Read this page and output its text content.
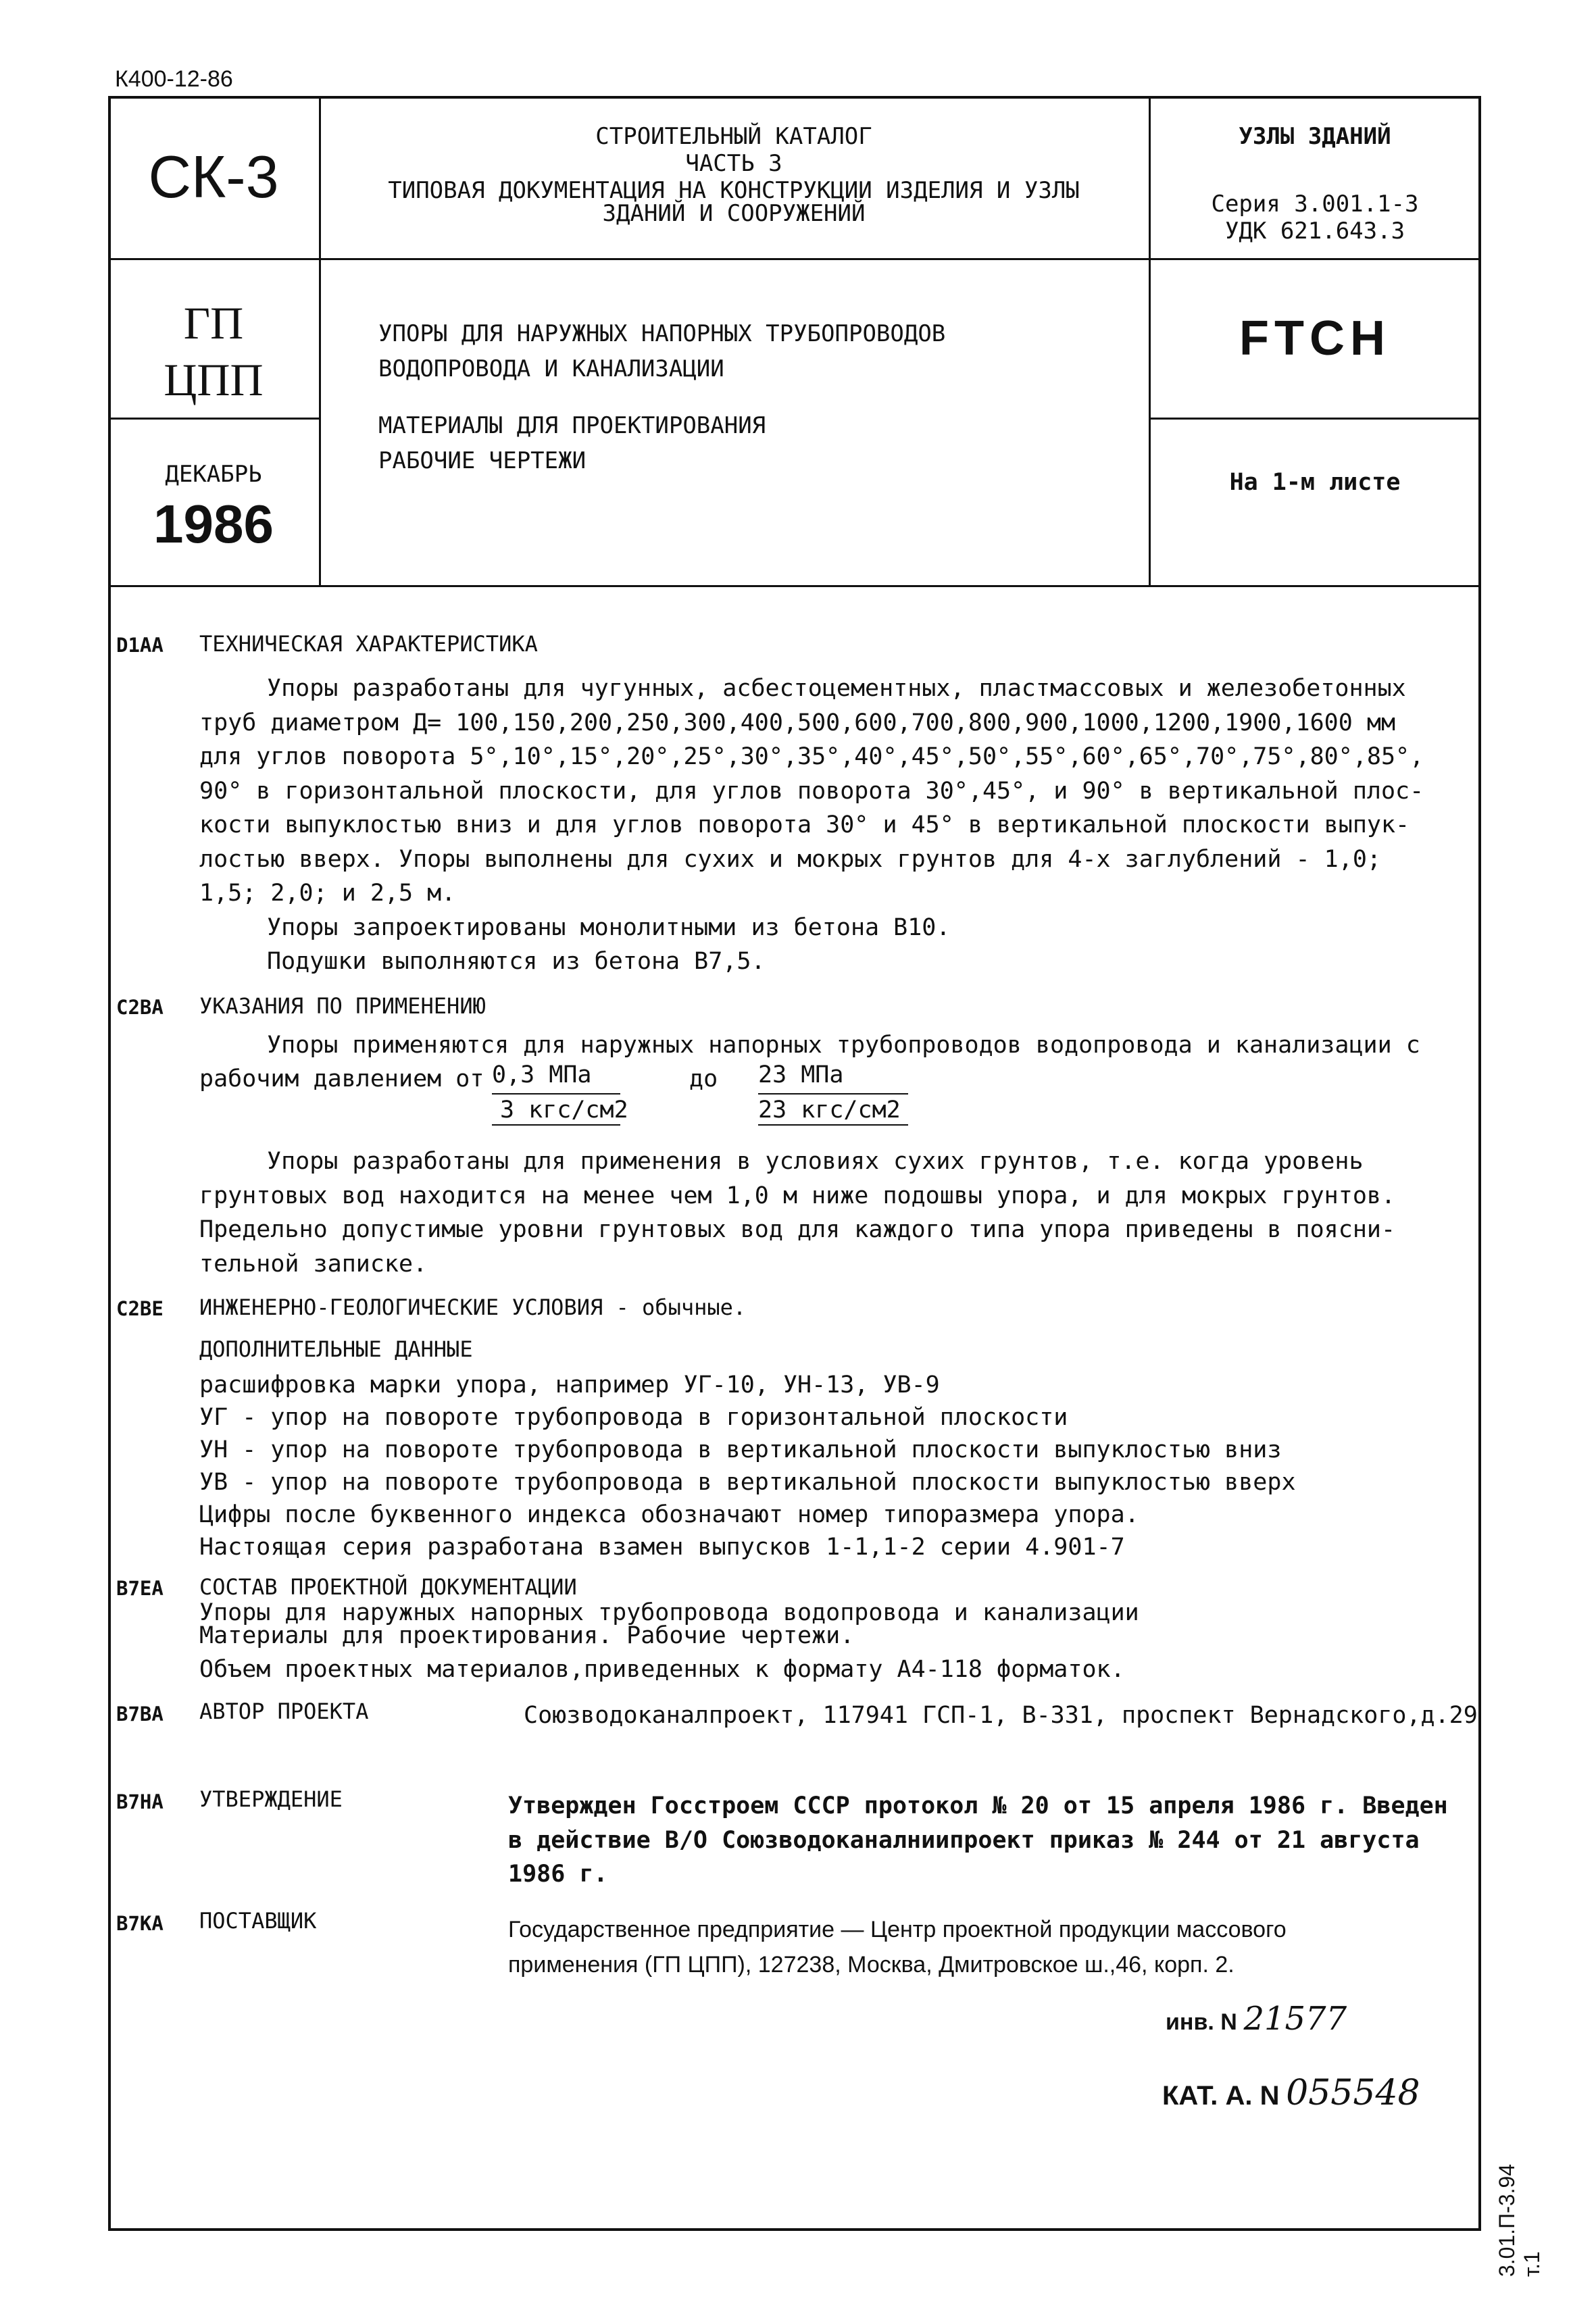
К400-12-86
СК-3
СТРОИТЕЛЬНЫЙ КАТАЛОГ
ЧАСТЬ 3
ТИПОВАЯ ДОКУМЕНТАЦИЯ НА КОНСТРУКЦИИ ИЗДЕЛИЯ И УЗЛЫ
ЗДАНИЙ И СООРУЖЕНИЙ
УЗЛЫ ЗДАНИЙ
Серия 3.001.1-3
УДК 621.643.3
ГП
ЦПП
УПОРЫ ДЛЯ НАРУЖНЫХ НАПОРНЫХ ТРУБОПРОВОДОВ
ВОДОПРОВОДА И КАНАЛИЗАЦИИ
МАТЕРИАЛЫ ДЛЯ ПРОЕКТИРОВАНИЯ
РАБОЧИЕ ЧЕРТЕЖИ
FTCH
На 1-м листе
ДЕКАБРЬ
1986
D1АА ТЕХНИЧЕСКАЯ ХАРАКТЕРИСТИКА
Упоры разработаны для чугунных, асбестоцементных, пластмассовых и железобетонных
труб диаметром Д= 100,150,200,250,300,400,500,600,700,800,900,1000,1200,1900,1600 мм
для углов поворота 5°,10°,15°,20°,25°,30°,35°,40°,45°,50°,55°,60°,65°,70°,75°,80°,85°,
90° в горизонтальной плоскости, для углов поворота 30°,45°, и 90° в вертикальной плос-
кости выпуклостью вниз и для углов поворота 30° и 45° в вертикальной плоскости выпук-
лостью вверх. Упоры выполнены для сухих и мокрых грунтов для 4-х заглублений - 1,0;
1,5; 2,0; и 2,5 м.
Упоры запроектированы монолитными из бетона В10.
Подушки выполняются из бетона В7,5.
С2ВА УКАЗАНИЯ ПО ПРИМЕНЕНИЮ
Упоры применяются для наружных напорных трубопроводов водопровода и канализации с
рабочим давлением от 0,3 МПа	до 23 МПа
3 кгс/см2	23 кгс/см2
Упоры разработаны для применения в условиях сухих грунтов, т.е. когда уровень
грунтовых вод находится на менее чем 1,0 м ниже подошвы упора, и для мокрых грунтов.
Предельно допустимые уровни грунтовых вод для каждого типа упора приведены в поясни-
тельной записке.
С2ВЕ ИНЖЕНЕРНО-ГЕОЛОГИЧЕСКИЕ УСЛОВИЯ - обычные.
ДОПОЛНИТЕЛЬНЫЕ ДАННЫЕ
расшифровка марки упора, например УГ-10, УН-13, УВ-9
УГ - упор на повороте трубопровода в горизонтальной плоскости
УН - упор на повороте трубопровода в вертикальной плоскости выпуклостью вниз
УВ - упор на повороте трубопровода в вертикальной плоскости выпуклостью вверх
Цифры после буквенного индекса обозначают номер типоразмера упора.
Настоящая серия разработана взамен выпусков 1-1,1-2 серии 4.901-7
В7ЕА СОСТАВ ПРОЕКТНОЙ ДОКУМЕНТАЦИИ
Упоры для наружных напорных трубопровода водопровода и канализации
Материалы для проектирования. Рабочие чертежи.
Объем проектных материалов,приведенных к формату А4-118 форматок.
В7ВА АВТОР ПРОЕКТА	Союзводоканалпроект, 117941 ГСП-1, В-331, проспект Вернадского,д.29
В7НА УТВЕРЖДЕНИЕ	Утвержден Госстроем СССР протокол № 20 от 15 апреля 1986 г. Введен
в действие В/О Союзводоканалниипроект приказ № 244 от 21 августа
1986 г.
В7КА ПОСТАВЩИК	Государственное предприятие — Центр проектной продукции массового
применения (ГП ЦПП), 127238, Москва, Дмитровское ш.,46, корп. 2.
инв. N 21577
КАТ. А. N 055548
3.01.П-3.94 т.1
